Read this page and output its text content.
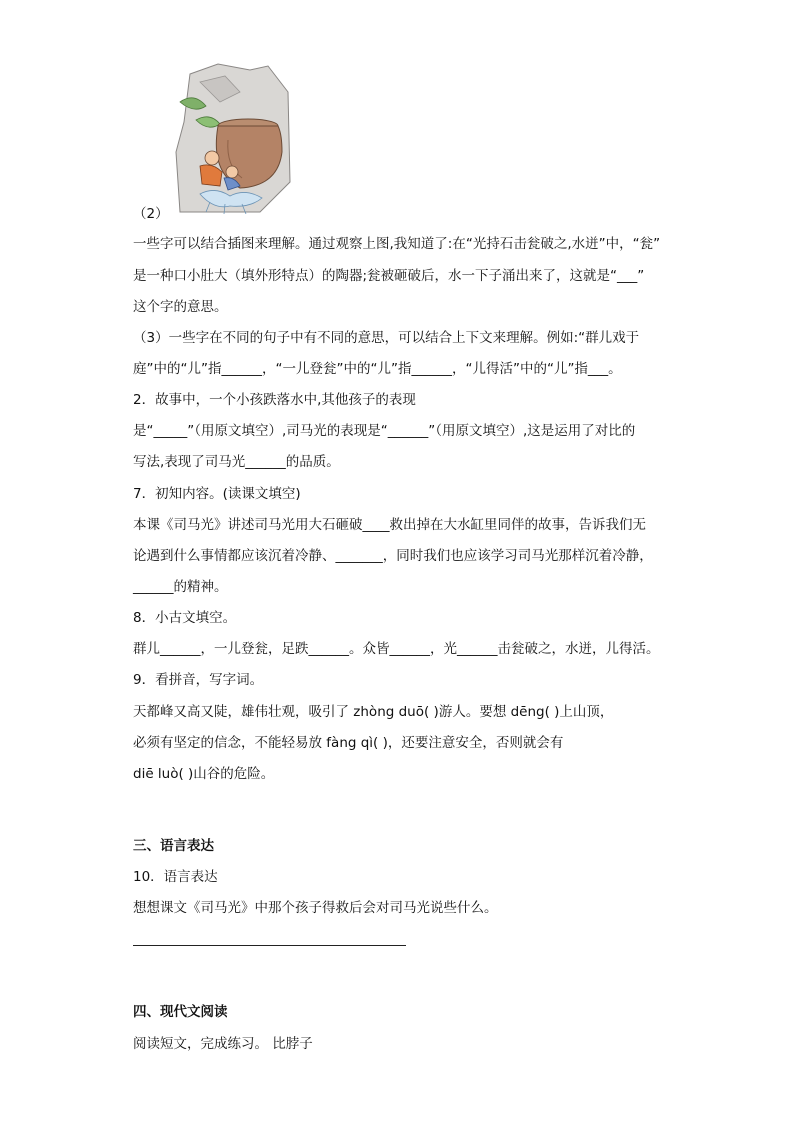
（2）
一些字可以结合插图来理解。通过观察上图,我知道了:在“光持石击瓮破之,水迸”中，“瓮”
是一种口小肚大（填外形特点）的陶器;瓮被砸破后，水一下子涌出来了，这就是“___”
这个字的意思。
（3）一些字在不同的句子中有不同的意思，可以结合上下文来理解。例如:“群儿戏于
庭”中的“儿”指______，“一儿登瓮”中的“儿”指______，“儿得活”中的“儿”指___。
2．故事中，一个小孩跌落水中,其他孩子的表现
是“_____”（用原文填空）,司马光的表现是“______”（用原文填空）,这是运用了对比的
写法,表现了司马光______的品质。
7．初知内容。(读课文填空)
本课《司马光》讲述司马光用大石砸破____救出掉在大水缸里同伴的故事，告诉我们无
论遇到什么事情都应该沉着冷静、_______，同时我们也应该学习司马光那样沉着冷静，
______的精神。
8．小古文填空。
群儿______，一儿登瓮，足跌______。众皆______，光______击瓮破之，水迸，儿得活。
9．看拼音，写字词。
天都峰又高又陡，雄伟壮观，吸引了 zhòng duō( )游人。要想 dēng( )上山顶，
必须有坚定的信念，不能轻易放 fàng qì( )，还要注意安全，否则就会有
diē luò( )山谷的危险。
三、语言表达
10．语言表达
想想课文《司马光》中那个孩子得救后会对司马光说些什么。
四、现代文阅读
阅读短文，完成练习。 比脖子
